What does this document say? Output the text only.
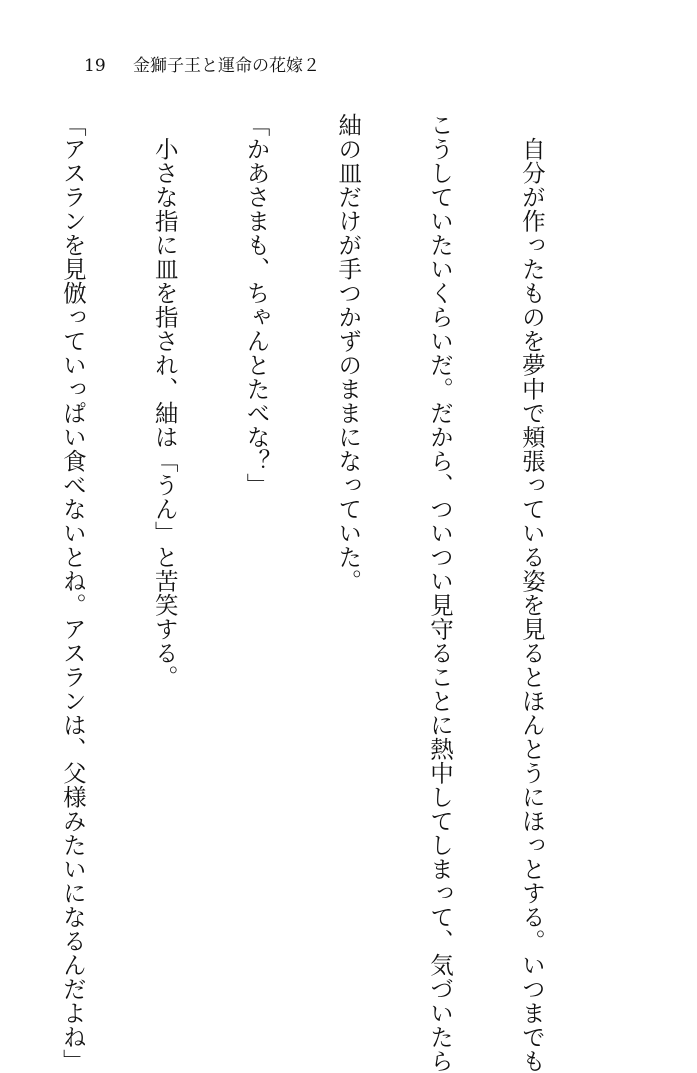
19 金獅子王と運命の花嫁２

　自分が作ったものを夢中で頬張っている姿を見るとほんとうにほっとする。いつまでも

こうしていたいくらいだ。だから、ついつい見守ることに熱中してしまって、気づいたら

紬の皿だけが手つかずのままになっていた。

「かあさまも、ちゃんとたべな？」

　小さな指に皿を指され、紬は「うん」と苦笑する。

「アスランを見倣っていっぱい食べないとね。アスランは、父様みたいになるんだよね」
